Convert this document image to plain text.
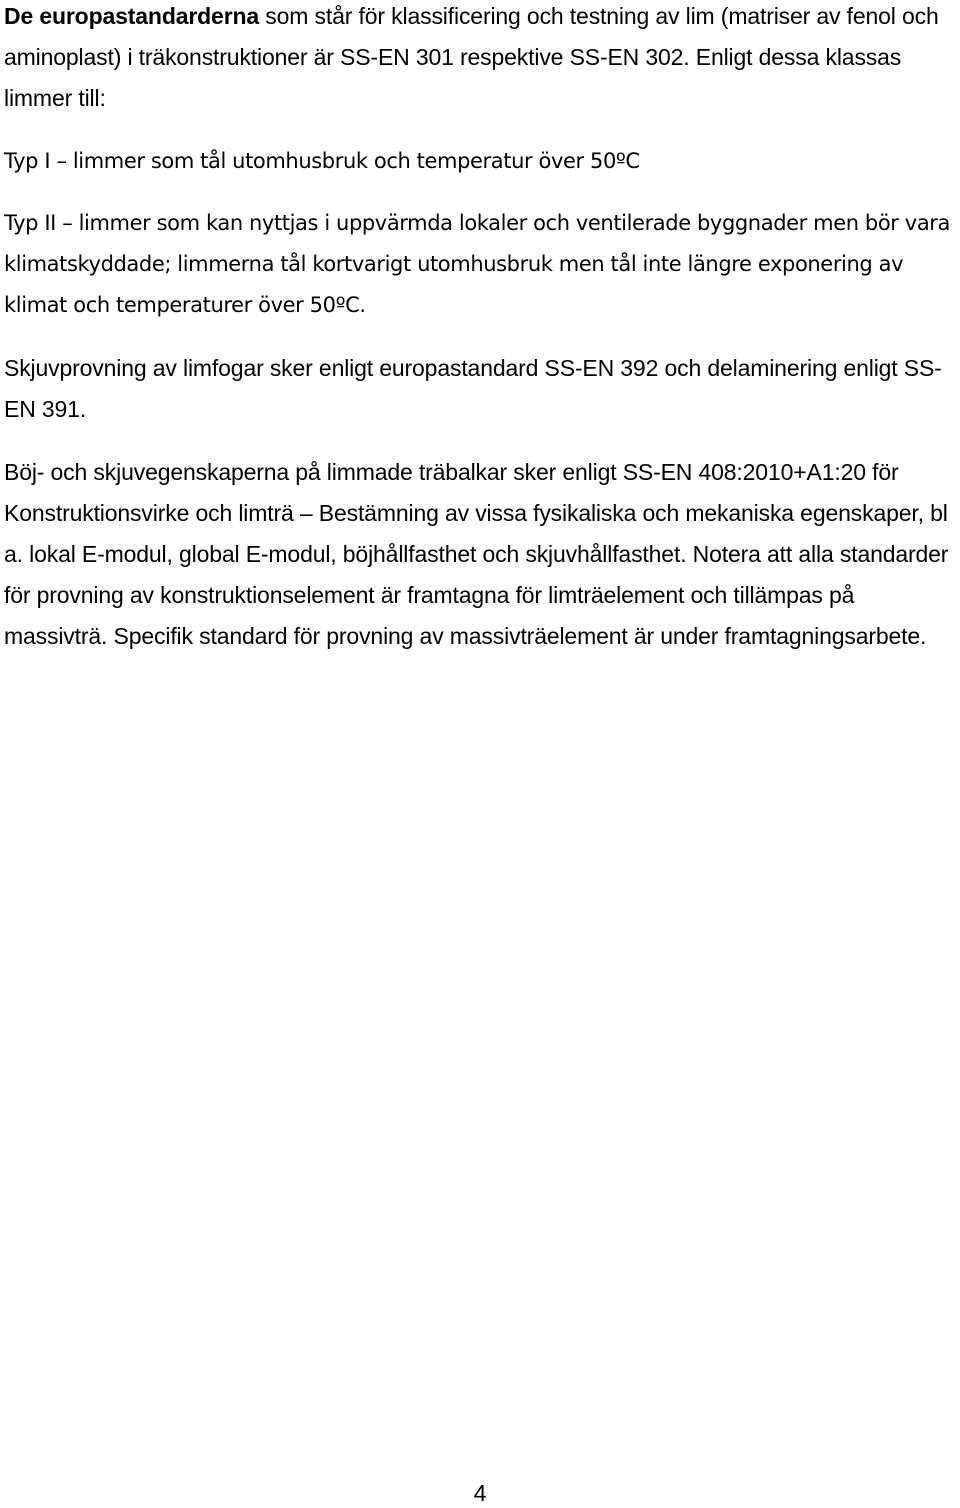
De europastandarderna som står för klassificering och testning av lim (matriser av fenol och aminoplast) i träkonstruktioner är SS-EN 301 respektive SS-EN 302. Enligt dessa klassas limmer till:

Typ I – limmer som tål utomhusbruk och temperatur över 50ºC

Typ II – limmer som kan nyttjas i uppvärmda lokaler och ventilerade byggnader men bör vara klimatskyddade; limmerna tål kortvarigt utomhusbruk men tål inte längre exponering av klimat och temperaturer över 50ºC.

Skjuvprovning av limfogar sker enligt europastandard SS-EN 392 och delaminering enligt SS-EN 391.

Böj- och skjuvegenskaperna på limmade träbalkar sker enligt SS-EN 408:2010+A1:20 för Konstruktionsvirke och limträ – Bestämning av vissa fysikaliska och mekaniska egenskaper, bl a. lokal E-modul, global E-modul, böjhållfasthet och skjuvhållfasthet. Notera att alla standarder för provning av konstruktionselement är framtagna för limträelement och tillämpas på massivträ. Specifik standard för provning av massivträelement är under framtagningsarbete.

4
